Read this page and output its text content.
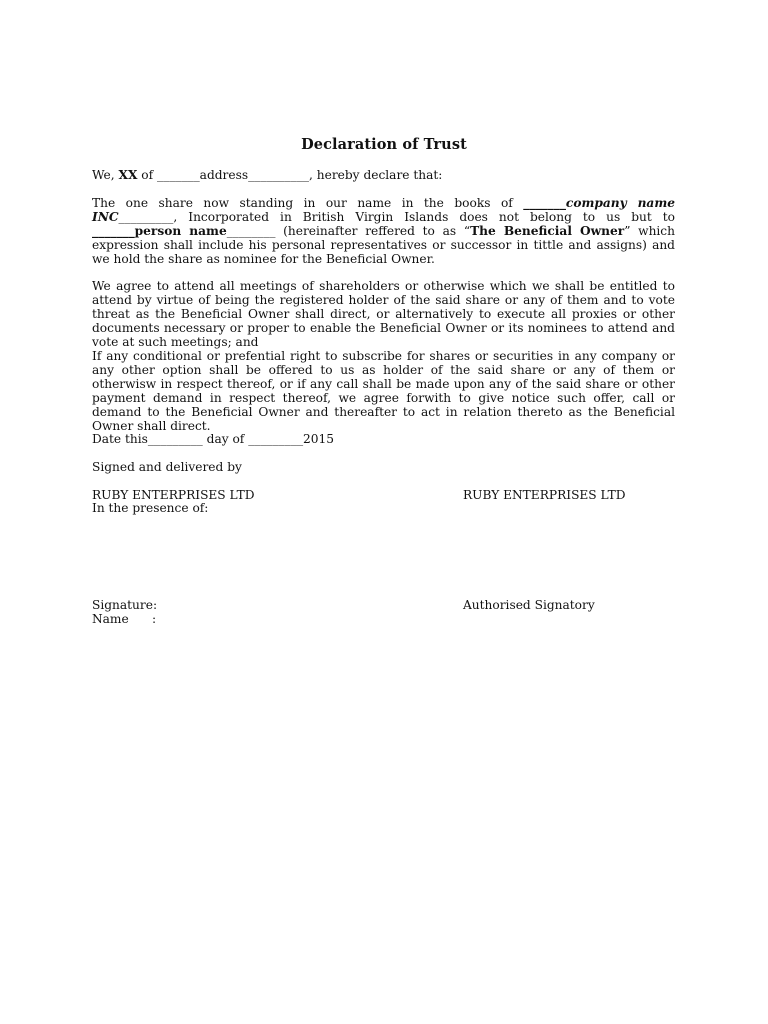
Declaration of Trust
We, XX of _______address__________, hereby declare that:
The one share now standing in our name in the books of _______company name INC_________, Incorporated in British Virgin Islands does not belong to us but to _______person name________ (hereinafter reffered to as “The Beneficial Owner” which expression shall include his personal representatives or successor in tittle and assigns) and we hold the share as nominee for the Beneficial Owner.
We agree to attend all meetings of shareholders or otherwise which we shall be entitled to attend by virtue of being the registered holder of the said share or any of them and to vote threat as the Beneficial Owner shall direct, or alternatively to execute all proxies or other documents necessary or proper to enable the Beneficial Owner or its nominees to attend and vote at such meetings; and
If any conditional or prefential right to subscribe for shares or securities in any company or any other option shall be offered to us as holder of the said share or any of them or otherwisw in respect thereof, or if any call shall be made upon any of the said share or other payment demand in respect thereof, we agree forwith to give notice such offer, call or demand to the Beneficial Owner and thereafter to act in relation thereto as the Beneficial Owner shall direct.
Date this_________ day of _________2015
Signed and delivered by
RUBY ENTERPRISES LTD
In the presence of:
RUBY ENTERPRISES LTD
Signature:
Name      :
Authorised Signatory
